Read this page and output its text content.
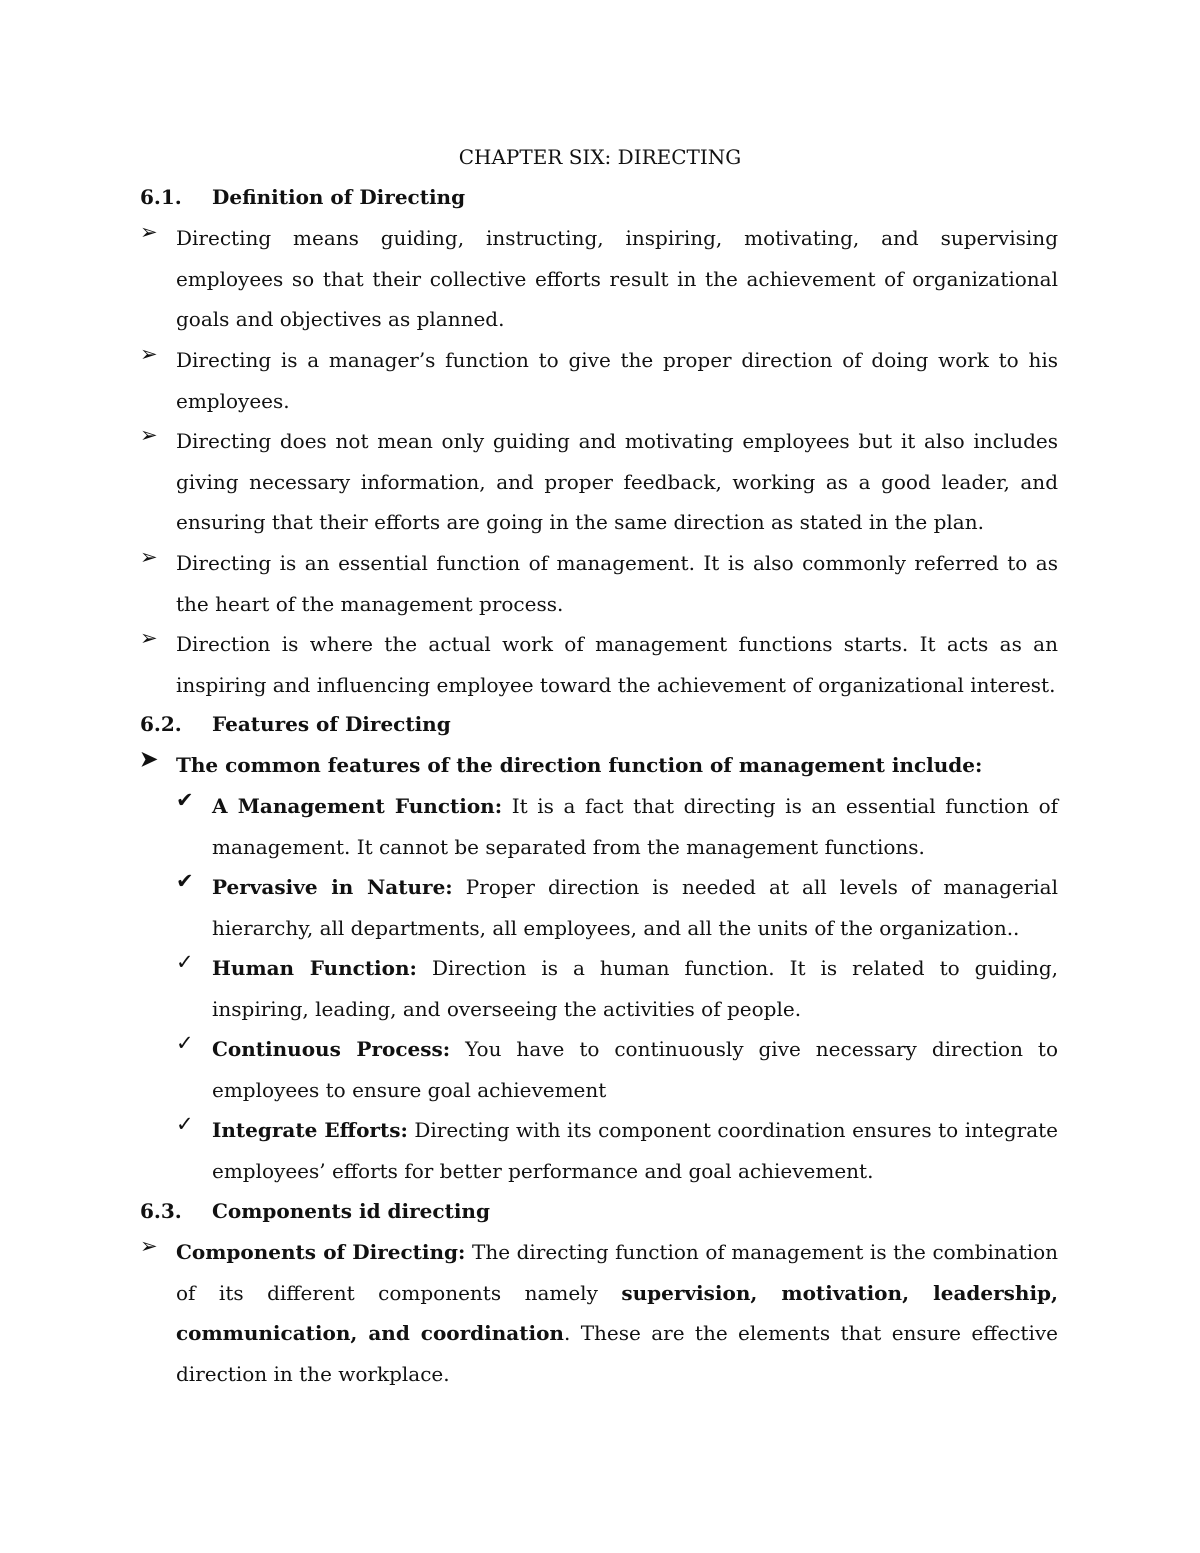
CHAPTER SIX: DIRECTING
6.1. Definition of Directing
➢ Directing means guiding, instructing, inspiring, motivating, and supervising employees so that their collective efforts result in the achievement of organizational goals and objectives as planned.
➢ Directing is a manager’s function to give the proper direction of doing work to his employees.
➢ Directing does not mean only guiding and motivating employees but it also includes giving necessary information, and proper feedback, working as a good leader, and ensuring that their efforts are going in the same direction as stated in the plan.
➢ Directing is an essential function of management. It is also commonly referred to as the heart of the management process.
➢ Direction is where the actual work of management functions starts. It acts as an inspiring and influencing employee toward the achievement of organizational interest.
6.2. Features of Directing
➤ The common features of the direction function of management include:
✔ A Management Function: It is a fact that directing is an essential function of management. It cannot be separated from the management functions.
✔ Pervasive in Nature: Proper direction is needed at all levels of managerial hierarchy, all departments, all employees, and all the units of the organization..
✓ Human Function: Direction is a human function. It is related to guiding, inspiring, leading, and overseeing the activities of people.
✓ Continuous Process: You have to continuously give necessary direction to employees to ensure goal achievement
✓ Integrate Efforts: Directing with its component coordination ensures to integrate employees’ efforts for better performance and goal achievement.
6.3. Components id directing
➢ Components of Directing: The directing function of management is the combination of its different components namely supervision, motivation, leadership, communication, and coordination. These are the elements that ensure effective direction in the workplace.
